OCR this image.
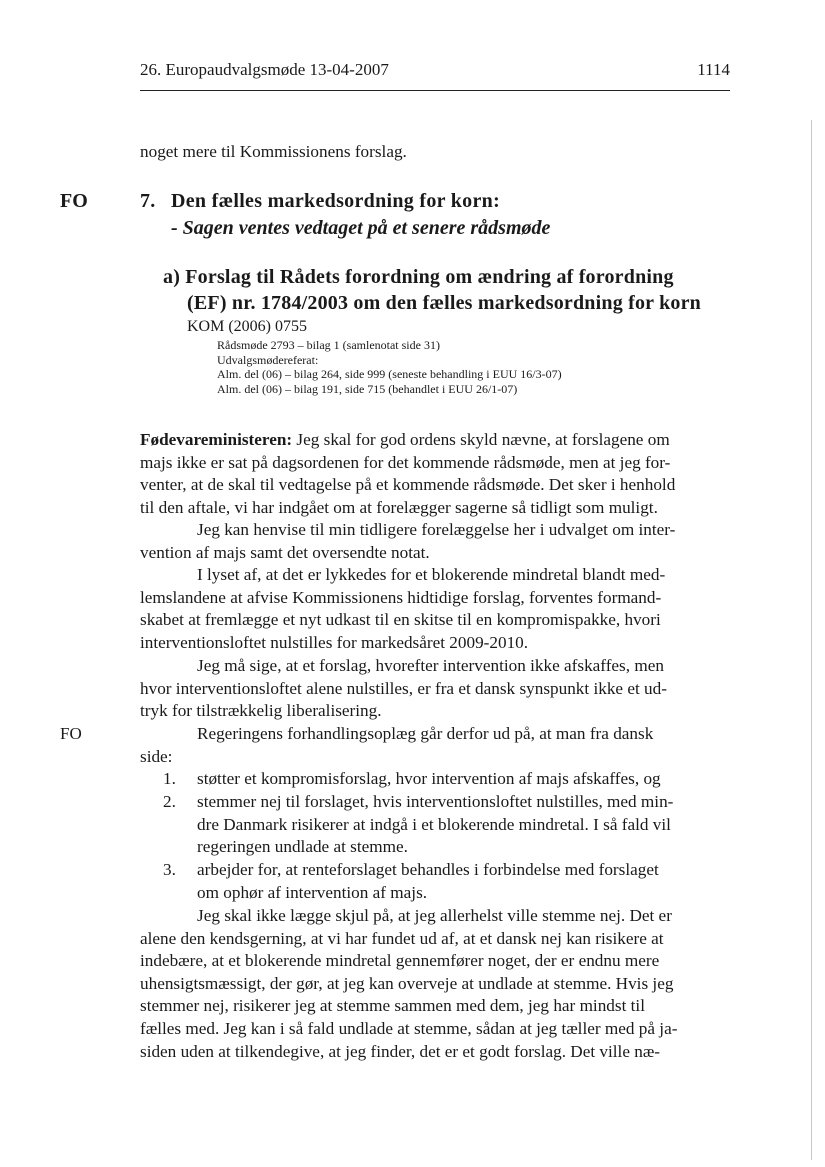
26. Europaudvalgsmøde 13-04-2007	1114
noget mere til Kommissionens forslag.
FO
FO
7. Den fælles markedsordning for korn:
- Sagen ventes vedtaget på et senere rådsmøde
a) Forslag til Rådets forordning om ændring af forordning
(EF) nr. 1784/2003 om den fælles markedsordning for korn
KOM (2006) 0755
Rådsmøde 2793 – bilag 1 (samlenotat side 31)
Udvalgsmødereferat:
Alm. del (06) – bilag 264, side 999 (seneste behandling i EUU 16/3-07)
Alm. del (06) – bilag 191, side 715 (behandlet i EUU 26/1-07)
Fødevareministeren: Jeg skal for god ordens skyld nævne, at forslagene om
majs ikke er sat på dagsordenen for det kommende rådsmøde, men at jeg for-
venter, at de skal til vedtagelse på et kommende rådsmøde. Det sker i henhold
til den aftale, vi har indgået om at forelægger sagerne så tidligt som muligt.
Jeg kan henvise til min tidligere forelæggelse her i udvalget om inter-
vention af majs samt det oversendte notat.
I lyset af, at det er lykkedes for et blokerende mindretal blandt med-
lemslandene at afvise Kommissionens hidtidige forslag, forventes formand-
skabet at fremlægge et nyt udkast til en skitse til en kompromispakke, hvori
interventionsloftet nulstilles for markedsåret 2009-2010.
Jeg må sige, at et forslag, hvorefter intervention ikke afskaffes, men
hvor interventionsloftet alene nulstilles, er fra et dansk synspunkt ikke et ud-
tryk for tilstrækkelig liberalisering.
Regeringens forhandlingsoplæg går derfor ud på, at man fra dansk
side:
1. støtter et kompromisforslag, hvor intervention af majs afskaffes, og
2. stemmer nej til forslaget, hvis interventionsloftet nulstilles, med min-
dre Danmark risikerer at indgå i et blokerende mindretal. I så fald vil
regeringen undlade at stemme.
3. arbejder for, at renteforslaget behandles i forbindelse med forslaget
om ophør af intervention af majs.
Jeg skal ikke lægge skjul på, at jeg allerhelst ville stemme nej. Det er
alene den kendsgerning, at vi har fundet ud af, at et dansk nej kan risikere at
indebære, at et blokerende mindretal gennemfører noget, der er endnu mere
uhensigtsmæssigt, der gør, at jeg kan overveje at undlade at stemme. Hvis jeg
stemmer nej, risikerer jeg at stemme sammen med dem, jeg har mindst til
fælles med. Jeg kan i så fald undlade at stemme, sådan at jeg tæller med på ja-
siden uden at tilkendegive, at jeg finder, det er et godt forslag. Det ville næ-
